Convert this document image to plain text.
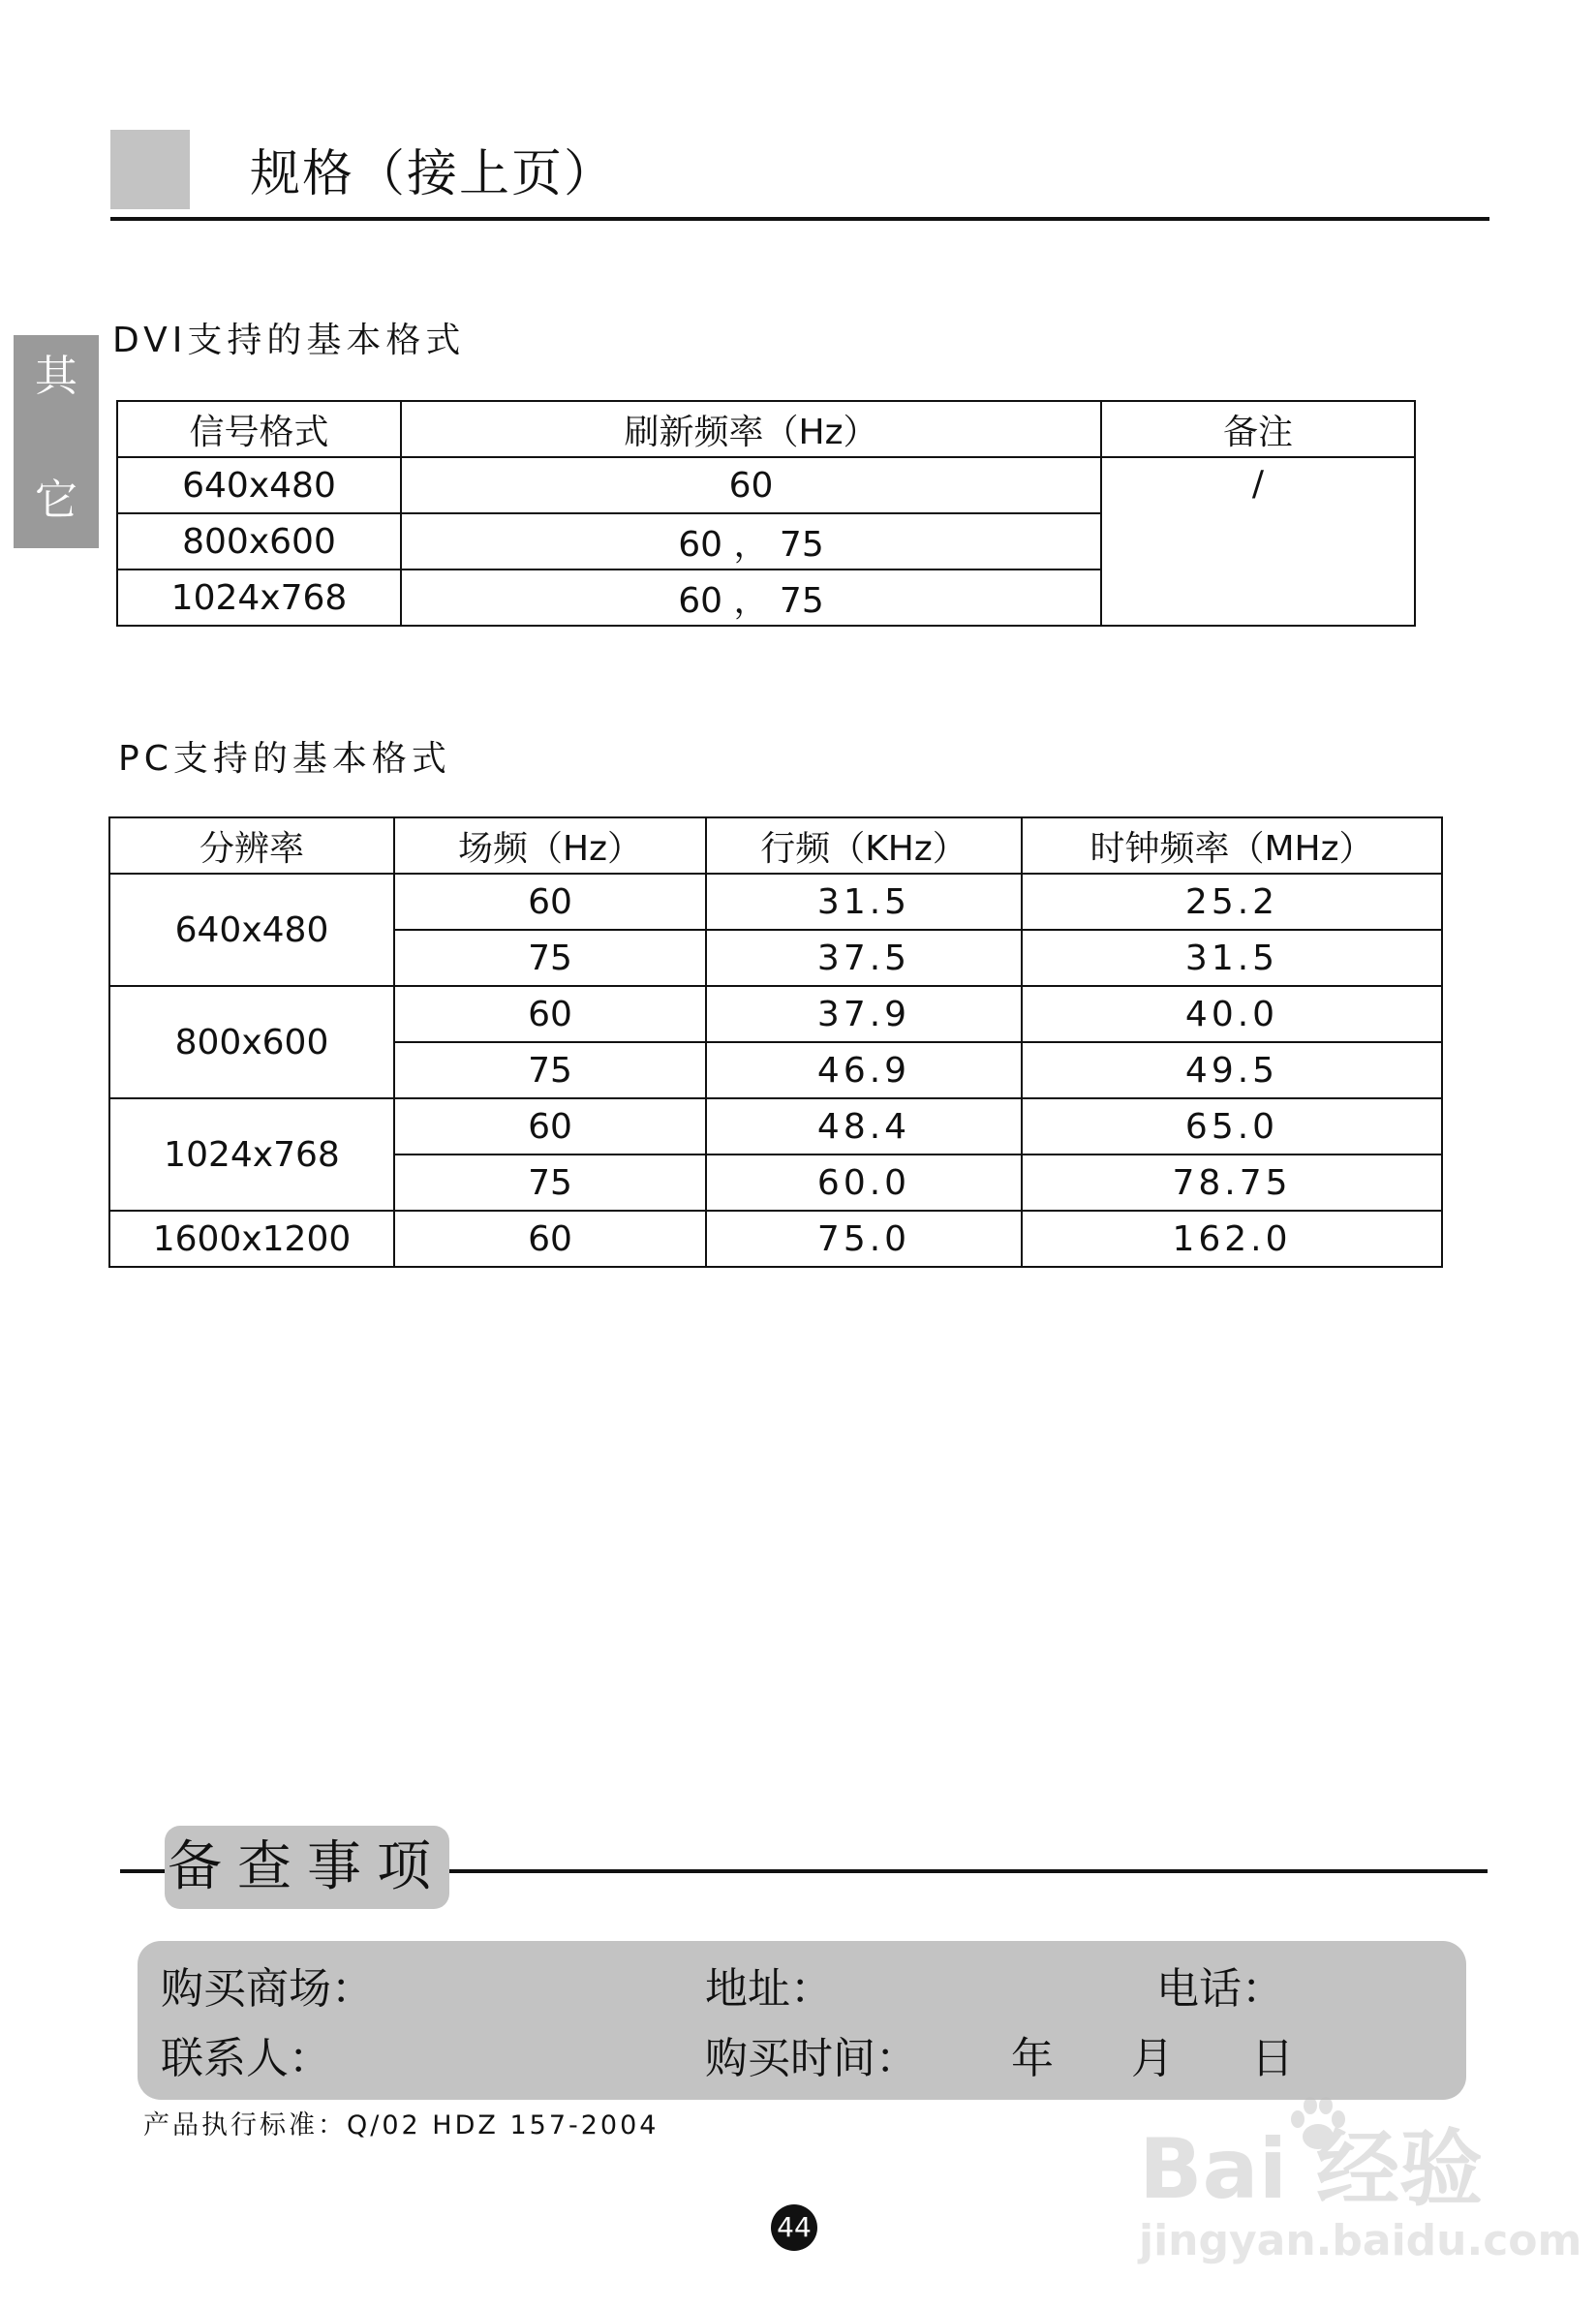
规格（接上页）
其
它
DVI支持的基本格式
信号格式	刷新频率（Hz）	备注
640x480	60	/
800x600	60 ， 75	
1024x768	60 ， 75	
PC支持的基本格式
分辨率	场频（Hz）	行频（KHz）	时钟频率（MHz）
640x480	60	31.5	25.2
	75	37.5	31.5
800x600	60	37.9	40.0
	75	46.9	49.5
1024x768	60	48.4	65.0
	75	60.0	78.75
1600x1200	60	75.0	162.0
备查事项
购买商场：	地址：	电话：
联系人：	购买时间： 年 月 日
产品执行标准：Q/02 HDZ 157-2004
44
Bai 经验
jingyan.baidu.com
